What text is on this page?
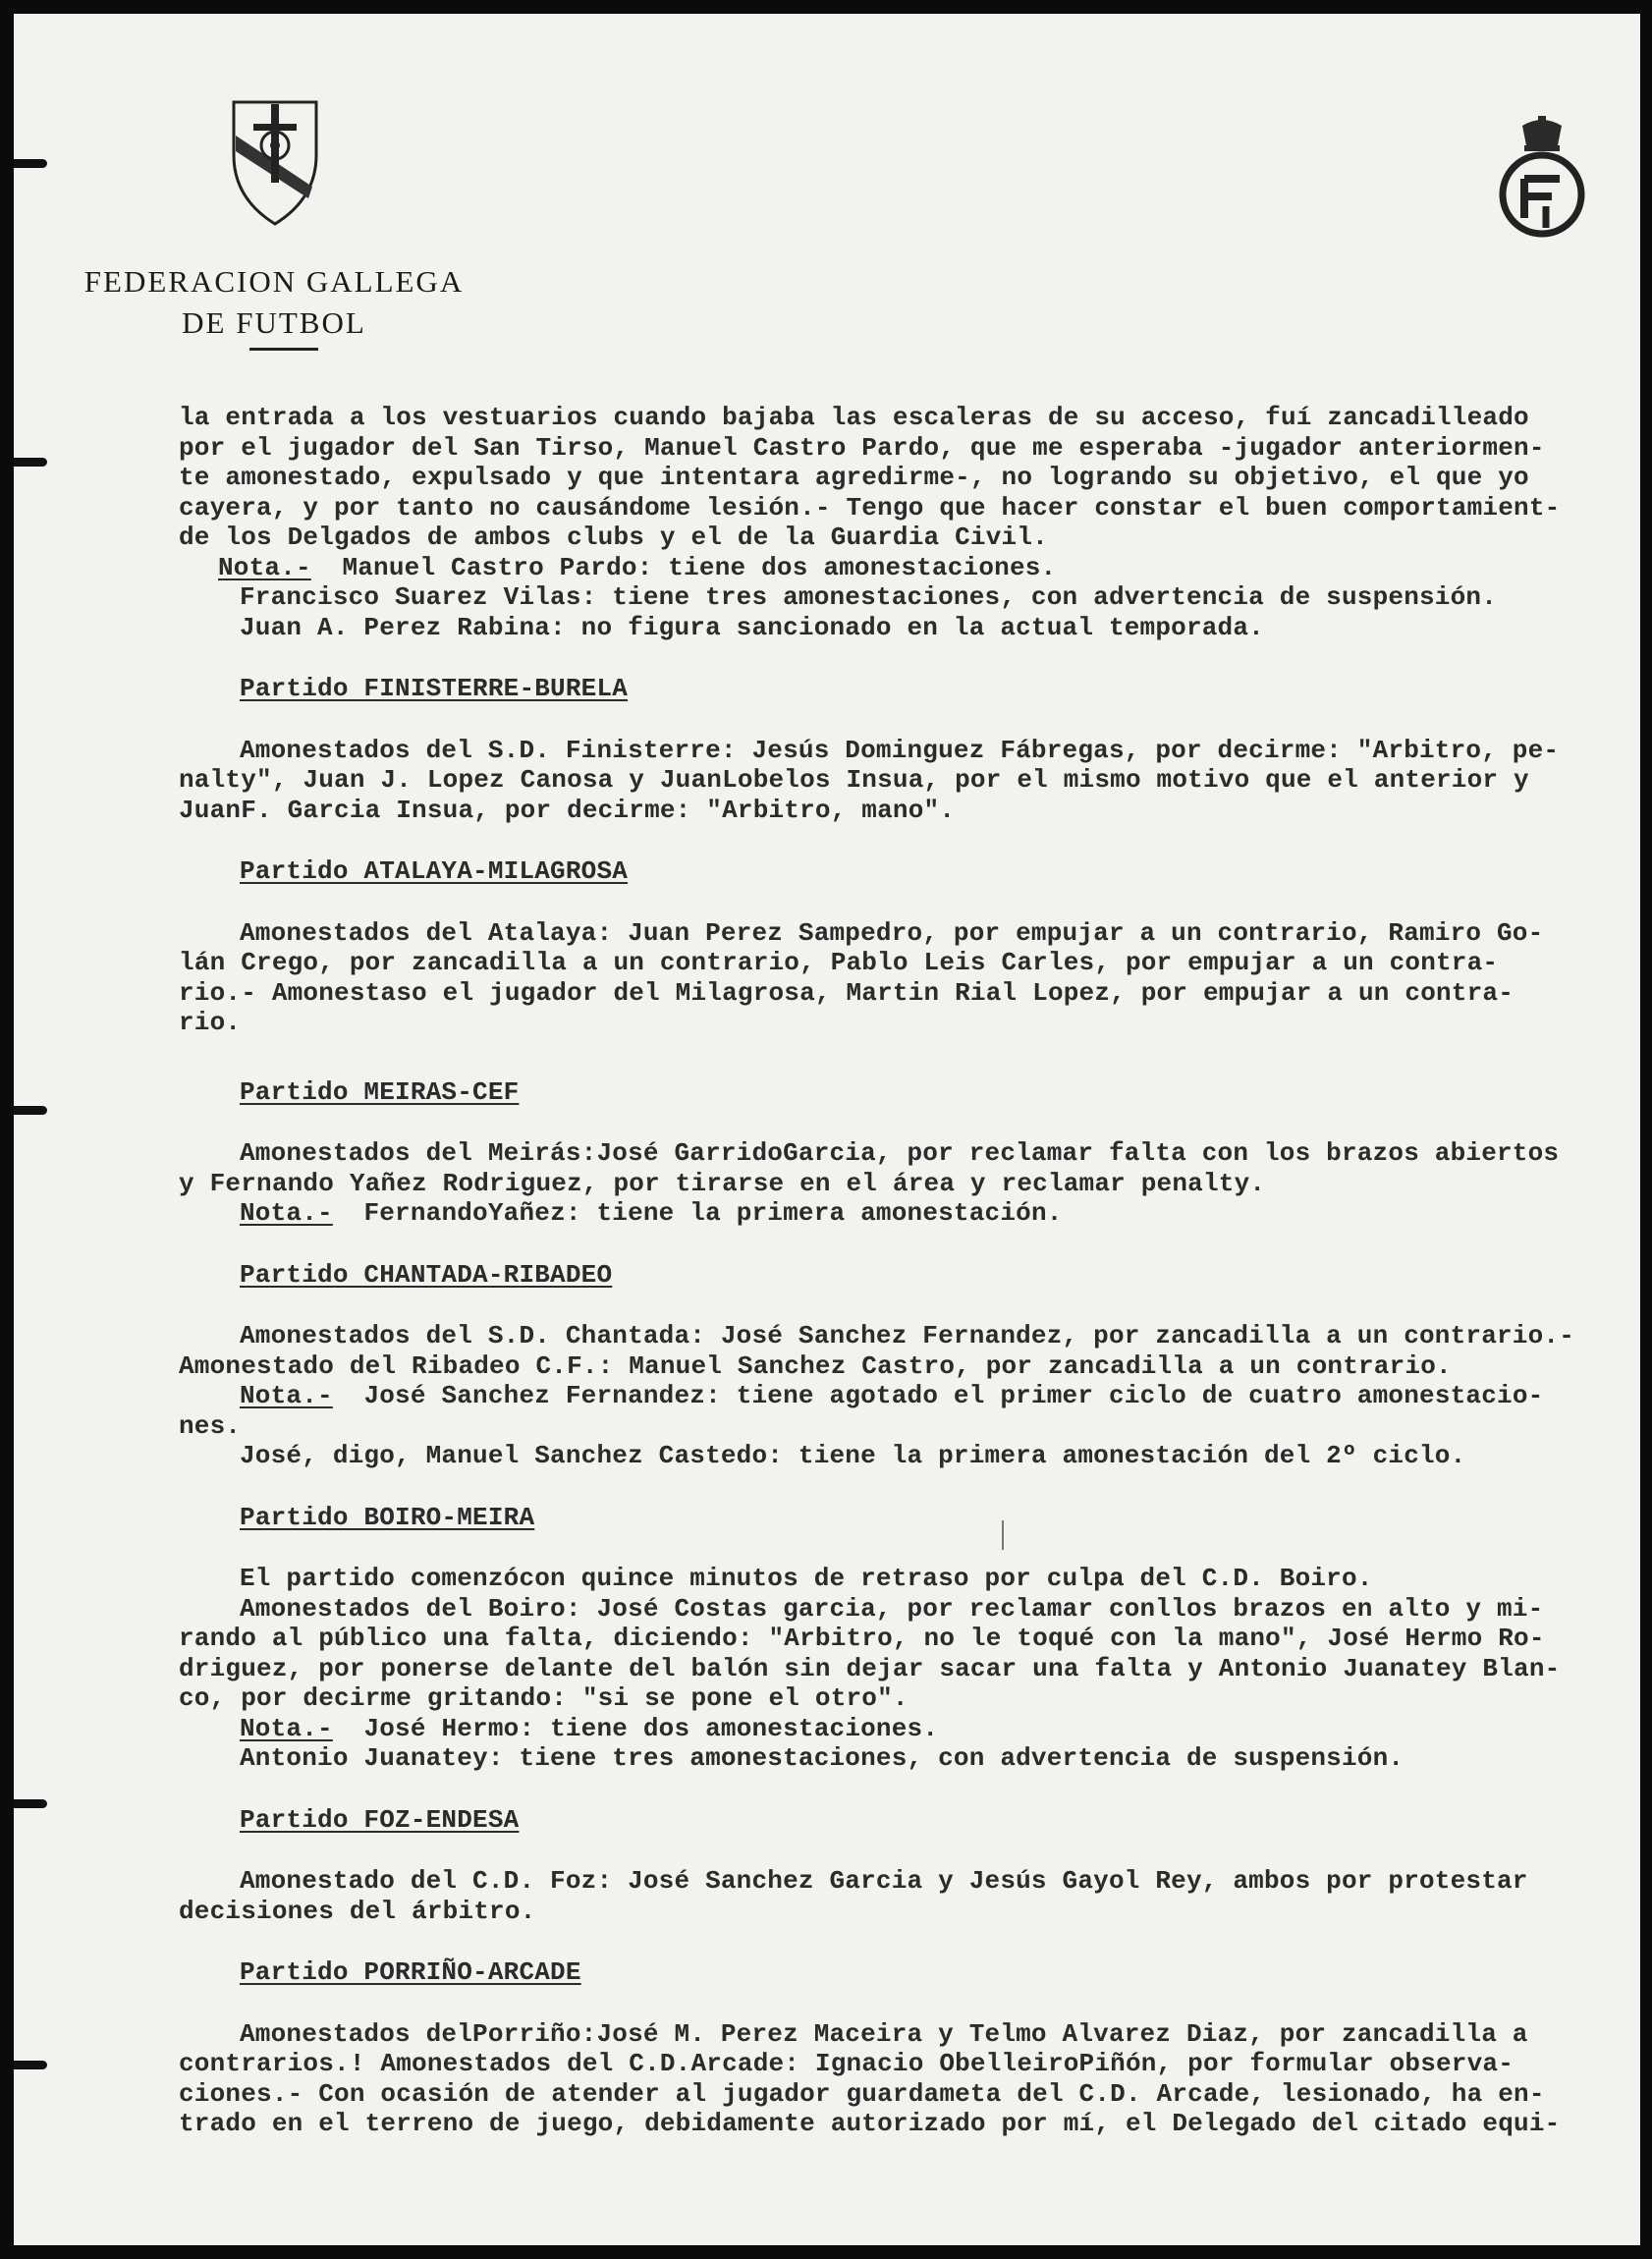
FEDERACION GALLEGA
DE FUTBOL

la entrada a los vestuarios cuando bajaba las escaleras de su acceso, fuí zancadilleado

por el jugador del San Tirso, Manuel Castro Pardo, que me esperaba -jugador anteriormen-

te amonestado, expulsado y que intentara agredirme-, no logrando su objetivo, el que yo

cayera, y por tanto no causándome lesión.- Tengo que hacer constar el buen comportamient-

de los Delgados de ambos clubs y el de la Guardia Civil.

Nota.- Manuel Castro Pardo: tiene dos amonestaciones.

Francisco Suarez Vilas: tiene tres amonestaciones, con advertencia de suspensión.

Juan A. Perez Rabina: no figura sancionado en la actual temporada.

Partido FINISTERRE-BURELA

Amonestados del S.D. Finisterre: Jesús Dominguez Fábregas, por decirme: "Arbitro, pe-

nalty", Juan J. Lopez Canosa y JuanLobelos Insua, por el mismo motivo que el anterior y

JuanF. Garcia Insua, por decirme: "Arbitro, mano".

Partido ATALAYA-MILAGROSA

Amonestados del Atalaya: Juan Perez Sampedro, por empujar a un contrario, Ramiro Go-

lán Crego, por zancadilla a un contrario, Pablo Leis Carles, por empujar a un contra-

rio.- Amonestaso el jugador del Milagrosa, Martin Rial Lopez, por empujar a un contra-

rio.

Partido MEIRAS-CEF

Amonestados del Meirás:José GarridoGarcia, por reclamar falta con los brazos abiertos

y Fernando Yañez Rodriguez, por tirarse en el área y reclamar penalty.

Nota.- FernandoYañez: tiene la primera amonestación.

Partido CHANTADA-RIBADEO

Amonestados del S.D. Chantada: José Sanchez Fernandez, por zancadilla a un contrario.-

Amonestado del Ribadeo C.F.: Manuel Sanchez Castro, por zancadilla a un contrario.

Nota.- José Sanchez Fernandez: tiene agotado el primer ciclo de cuatro amonestacio-

nes.

José, digo, Manuel Sanchez Castedo: tiene la primera amonestación del 2º ciclo.

Partido BOIRO-MEIRA

El partido comenzócon quince minutos de retraso por culpa del C.D. Boiro.

Amonestados del Boiro: José Costas garcia, por reclamar conllos brazos en alto y mi-

rando al público una falta, diciendo: "Arbitro, no le toqué con la mano", José Hermo Ro-

driguez, por ponerse delante del balón sin dejar sacar una falta y Antonio Juanatey Blan-

co, por decirme gritando: "si se pone el otro".

Nota.- José Hermo: tiene dos amonestaciones.

Antonio Juanatey: tiene tres amonestaciones, con advertencia de suspensión.

Partido FOZ-ENDESA

Amonestado del C.D. Foz: José Sanchez Garcia y Jesús Gayol Rey, ambos por protestar

decisiones del árbitro.

Partido PORRIÑO-ARCADE

Amonestados delPorriño:José M. Perez Maceira y Telmo Alvarez Diaz, por zancadilla a

contrarios.! Amonestados del C.D.Arcade: Ignacio ObelleiroPiñón, por formular observa-

ciones.- Con ocasión de atender al jugador guardameta del C.D. Arcade, lesionado, ha en-

trado en el terreno de juego, debidamente autorizado por mí, el Delegado del citado equi-
